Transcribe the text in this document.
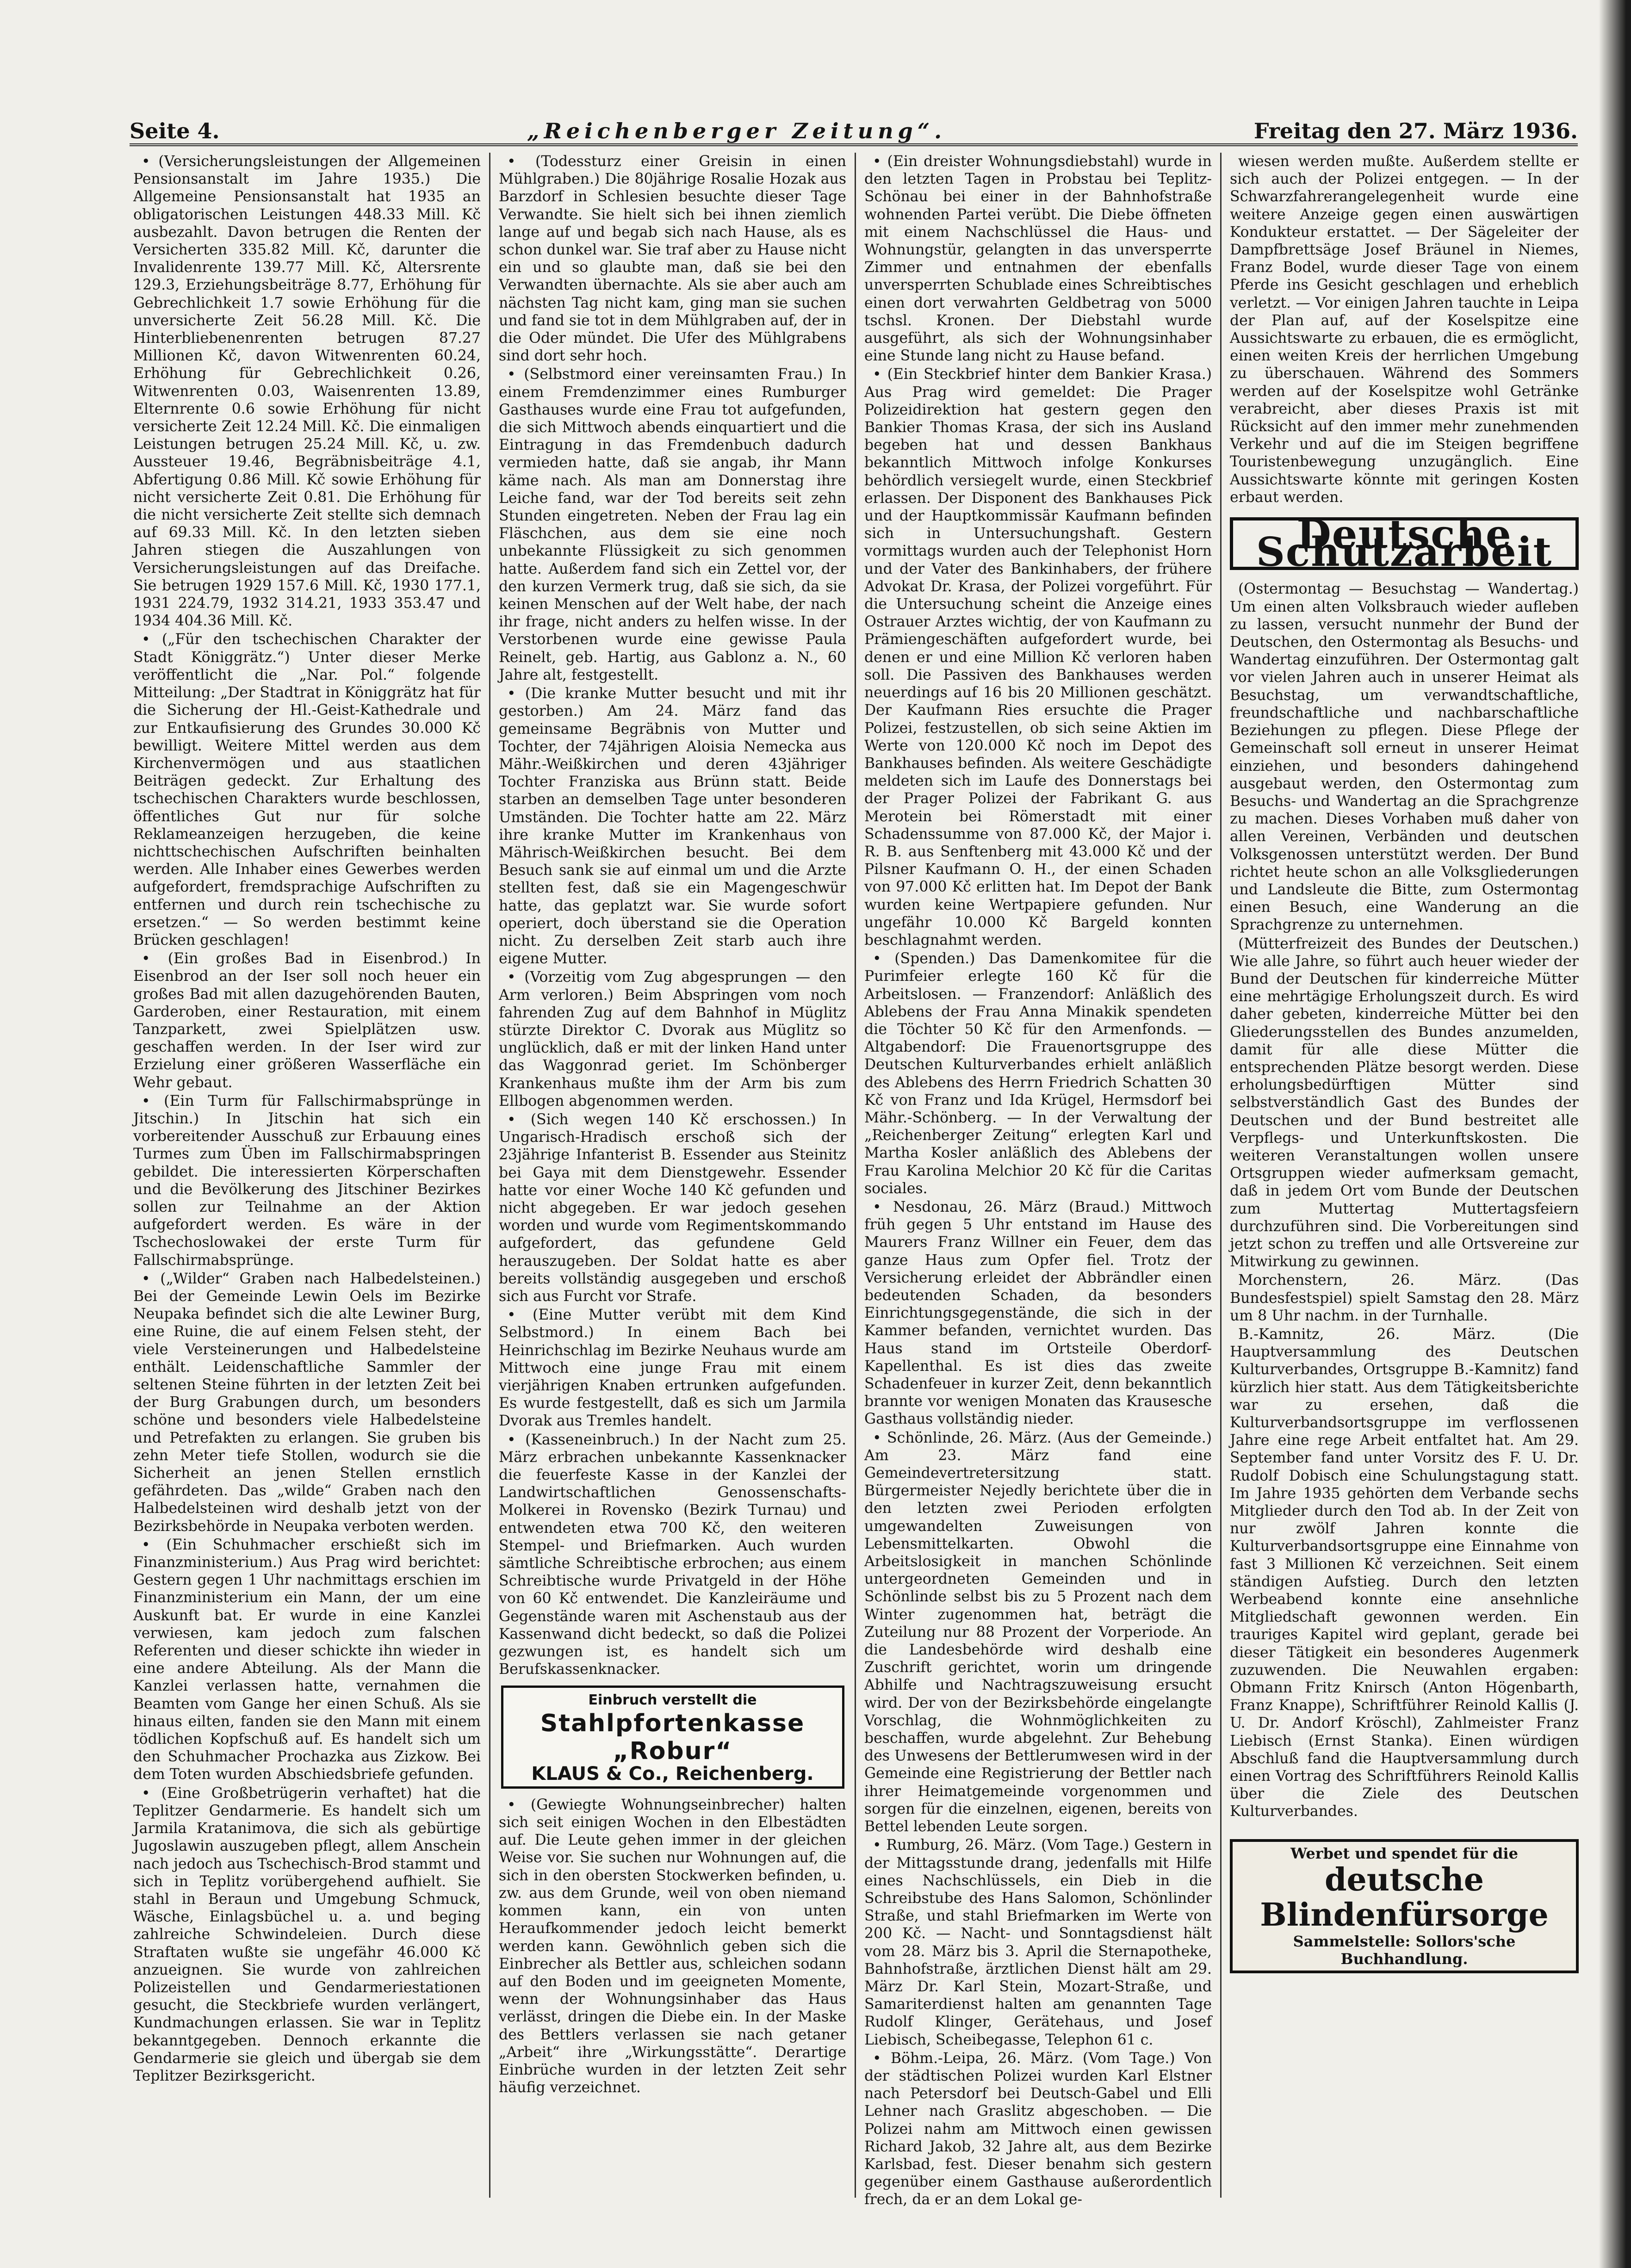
Seite 4.	„Reichenberger Zeitung“.	Freitag den 27. März 1936.

• (Versicherungsleistungen der Allgemeinen Pensionsanstalt im Jahre 1935.) Die Allgemeine Pensionsanstalt hat 1935 an obligatorischen Leistungen 448.33 Mill. Kč ausbezahlt. Davon betrugen die Renten der Versicherten 335.82 Mill. Kč, darunter die Invalidenrente 139.77 Mill. Kč, Altersrente 129.3, Erziehungsbeiträge 8.77, Erhöhung für Gebrechlichkeit 1.7 sowie Erhöhung für die unversicherte Zeit 56.28 Mill. Kč. Die Hinterbliebenenrenten betrugen 87.27 Millionen Kč, davon Witwenrenten 60.24, Erhöhung für Gebrechlichkeit 0.26, Witwenrenten 0.03, Waisenrenten 13.89, Elternrente 0.6 sowie Erhöhung für nicht versicherte Zeit 12.24 Mill. Kč. Die einmaligen Leistungen betrugen 25.24 Mill. Kč, u. zw. Aussteuer 19.46, Begräbnisbeiträge 4.1, Abfertigung 0.86 Mill. Kč sowie Erhöhung für nicht versicherte Zeit 0.81. Die Erhöhung für die nicht versicherte Zeit stellte sich demnach auf 69.33 Mill. Kč. In den letzten sieben Jahren stiegen die Auszahlungen von Versicherungsleistungen auf das Dreifache. Sie betrugen 1929 157.6 Mill. Kč, 1930 177.1, 1931 224.79, 1932 314.21, 1933 353.47 und 1934 404.36 Mill. Kč.

• („Für den tschechischen Charakter der Stadt Königgrätz.“) Unter dieser Merke veröffentlicht die „Nar. Pol.“ folgende Mitteilung: „Der Stadtrat in Königgrätz hat für die Sicherung der Hl.-Geist-Kathedrale und zur Entkaufisierung des Grundes 30.000 Kč bewilligt. Weitere Mittel werden aus dem Kirchenvermögen und aus staatlichen Beiträgen gedeckt. Zur Erhaltung des tschechischen Charakters wurde beschlossen, öffentliches Gut nur für solche Reklameanzeigen herzugeben, die keine nichttschechischen Aufschriften beinhalten werden. Alle Inhaber eines Gewerbes werden aufgefordert, fremdsprachige Aufschriften zu entfernen und durch rein tschechische zu ersetzen.“ — So werden bestimmt keine Brücken geschlagen!

• (Ein großes Bad in Eisenbrod.) In Eisenbrod an der Iser soll noch heuer ein großes Bad mit allen dazugehörenden Bauten, Garderoben, einer Restauration, mit einem Tanzparkett, zwei Spielplätzen usw. geschaffen werden. In der Iser wird zur Erzielung einer größeren Wasserfläche ein Wehr gebaut.

• (Ein Turm für Fallschirmabsprünge in Jitschin.) In Jitschin hat sich ein vorbereitender Ausschuß zur Erbauung eines Turmes zum Üben im Fallschirmabspringen gebildet. Die interessierten Körperschaften und die Bevölkerung des Jitschiner Bezirkes sollen zur Teilnahme an der Aktion aufgefordert werden. Es wäre in der Tschechoslowakei der erste Turm für Fallschirmabsprünge.

• („Wilder“ Graben nach Halbedelsteinen.) Bei der Gemeinde Lewin Oels im Bezirke Neupaka befindet sich die alte Lewiner Burg, eine Ruine, die auf einem Felsen steht, der viele Versteinerungen und Halbedelsteine enthält. Leidenschaftliche Sammler der seltenen Steine führten in der letzten Zeit bei der Burg Grabungen durch, um besonders schöne und besonders viele Halbedelsteine und Petrefakten zu erlangen. Sie gruben bis zehn Meter tiefe Stollen, wodurch sie die Sicherheit an jenen Stellen ernstlich gefährdeten. Das „wilde“ Graben nach den Halbedelsteinen wird deshalb jetzt von der Bezirksbehörde in Neupaka verboten werden.

• (Ein Schuhmacher erschießt sich im Finanzministerium.) Aus Prag wird berichtet: Gestern gegen 1 Uhr nachmittags erschien im Finanzministerium ein Mann, der um eine Auskunft bat. Er wurde in eine Kanzlei verwiesen, kam jedoch zum falschen Referenten und dieser schickte ihn wieder in eine andere Abteilung. Als der Mann die Kanzlei verlassen hatte, vernahmen die Beamten vom Gange her einen Schuß. Als sie hinaus eilten, fanden sie den Mann mit einem tödlichen Kopfschuß auf. Es handelt sich um den Schuhmacher Prochazka aus Zizkow. Bei dem Toten wurden Abschiedsbriefe gefunden.

• (Eine Großbetrügerin verhaftet) hat die Teplitzer Gendarmerie. Es handelt sich um Jarmila Kratanimova, die sich als gebürtige Jugoslawin auszugeben pflegt, allem Anschein nach jedoch aus Tschechisch-Brod stammt und sich in Teplitz vorübergehend aufhielt. Sie stahl in Beraun und Umgebung Schmuck, Wäsche, Einlagsbüchel u. a. und beging zahlreiche Schwindeleien. Durch diese Straftaten wußte sie ungefähr 46.000 Kč anzueignen. Sie wurde von zahlreichen Polizeistellen und Gendarmeriestationen gesucht, die Steckbriefe wurden verlängert, Kundmachungen erlassen. Sie war in Teplitz bekanntgegeben. Dennoch erkannte die Gendarmerie sie gleich und übergab sie dem Teplitzer Bezirksgericht.

• (Todessturz einer Greisin in einen Mühlgraben.) Die 80jährige Rosalie Hozak aus Barzdorf in Schlesien besuchte dieser Tage Verwandte. Sie hielt sich bei ihnen ziemlich lange auf und begab sich nach Hause, als es schon dunkel war. Sie traf aber zu Hause nicht ein und so glaubte man, daß sie bei den Verwandten übernachte. Als sie aber auch am nächsten Tag nicht kam, ging man sie suchen und fand sie tot in dem Mühlgraben auf, der in die Oder mündet. Die Ufer des Mühlgrabens sind dort sehr hoch.

• (Selbstmord einer vereinsamten Frau.) In einem Fremdenzimmer eines Rumburger Gasthauses wurde eine Frau tot aufgefunden, die sich Mittwoch abends einquartiert und die Eintragung in das Fremdenbuch dadurch vermieden hatte, daß sie angab, ihr Mann käme nach. Als man am Donnerstag ihre Leiche fand, war der Tod bereits seit zehn Stunden eingetreten. Neben der Frau lag ein Fläschchen, aus dem sie eine noch unbekannte Flüssigkeit zu sich genommen hatte. Außerdem fand sich ein Zettel vor, der den kurzen Vermerk trug, daß sie sich, da sie keinen Menschen auf der Welt habe, der nach ihr frage, nicht anders zu helfen wisse. In der Verstorbenen wurde eine gewisse Paula Reinelt, geb. Hartig, aus Gablonz a. N., 60 Jahre alt, festgestellt.

• (Die kranke Mutter besucht und mit ihr gestorben.) Am 24. März fand das gemeinsame Begräbnis von Mutter und Tochter, der 74jährigen Aloisia Nemecka aus Mähr.-Weißkirchen und deren 43jähriger Tochter Franziska aus Brünn statt. Beide starben an demselben Tage unter besonderen Umständen. Die Tochter hatte am 22. März ihre kranke Mutter im Krankenhaus von Mährisch-Weißkirchen besucht. Bei dem Besuch sank sie auf einmal um und die Arzte stellten fest, daß sie ein Magengeschwür hatte, das geplatzt war. Sie wurde sofort operiert, doch überstand sie die Operation nicht. Zu derselben Zeit starb auch ihre eigene Mutter.

• (Vorzeitig vom Zug abgesprungen — den Arm verloren.) Beim Abspringen vom noch fahrenden Zug auf dem Bahnhof in Müglitz stürzte Direktor C. Dvorak aus Müglitz so unglücklich, daß er mit der linken Hand unter das Waggonrad geriet. Im Schönberger Krankenhaus mußte ihm der Arm bis zum Ellbogen abgenommen werden.

• (Sich wegen 140 Kč erschossen.) In Ungarisch-Hradisch erschoß sich der 23jährige Infanterist B. Essender aus Steinitz bei Gaya mit dem Dienstgewehr. Essender hatte vor einer Woche 140 Kč gefunden und nicht abgegeben. Er war jedoch gesehen worden und wurde vom Regimentskommando aufgefordert, das gefundene Geld herauszugeben. Der Soldat hatte es aber bereits vollständig ausgegeben und erschoß sich aus Furcht vor Strafe.

• (Eine Mutter verübt mit dem Kind Selbstmord.) In einem Bach bei Heinrichschlag im Bezirke Neuhaus wurde am Mittwoch eine junge Frau mit einem vierjährigen Knaben ertrunken aufgefunden. Es wurde festgestellt, daß es sich um Jarmila Dvorak aus Tremles handelt.

• (Kasseneinbruch.) In der Nacht zum 25. März erbrachen unbekannte Kassenknacker die feuerfeste Kasse in der Kanzlei der Landwirtschaftlichen Genossenschafts-Molkerei in Rovensko (Bezirk Turnau) und entwendeten etwa 700 Kč, den weiteren Stempel- und Briefmarken. Auch wurden sämtliche Schreibtische erbrochen; aus einem Schreibtische wurde Privatgeld in der Höhe von 60 Kč entwendet. Die Kanzleiräume und Gegenstände waren mit Aschenstaub aus der Kassenwand dicht bedeckt, so daß die Polizei gezwungen ist, es handelt sich um Berufskassenknacker.

Einbruch verstellt die
Stahlpfortenkasse „Robur“
KLAUS & Co., Reichenberg.

• (Gewiegte Wohnungseinbrecher) halten sich seit einigen Wochen in den Elbestädten auf. Die Leute gehen immer in der gleichen Weise vor. Sie suchen nur Wohnungen auf, die sich in den obersten Stockwerken befinden, u. zw. aus dem Grunde, weil von oben niemand kommen kann, ein von unten Heraufkommender jedoch leicht bemerkt werden kann. Gewöhnlich geben sich die Einbrecher als Bettler aus, schleichen sodann auf den Boden und im geeigneten Momente, wenn der Wohnungsinhaber das Haus verlässt, dringen die Diebe ein. In der Maske des Bettlers verlassen sie nach getaner „Arbeit“ ihre „Wirkungsstätte“. Derartige Einbrüche wurden in der letzten Zeit sehr häufig verzeichnet.

• (Ein dreister Wohnungsdiebstahl) wurde in den letzten Tagen in Probstau bei Teplitz-Schönau bei einer in der Bahnhofstraße wohnenden Partei verübt. Die Diebe öffneten mit einem Nachschlüssel die Haus- und Wohnungstür, gelangten in das unversperrte Zimmer und entnahmen der ebenfalls unversperrten Schublade eines Schreibtisches einen dort verwahrten Geldbetrag von 5000 tschsl. Kronen. Der Diebstahl wurde ausgeführt, als sich der Wohnungsinhaber eine Stunde lang nicht zu Hause befand.

• (Ein Steckbrief hinter dem Bankier Krasa.) Aus Prag wird gemeldet: Die Prager Polizeidirektion hat gestern gegen den Bankier Thomas Krasa, der sich ins Ausland begeben hat und dessen Bankhaus bekanntlich Mittwoch infolge Konkurses behördlich versiegelt wurde, einen Steckbrief erlassen. Der Disponent des Bankhauses Pick und der Hauptkommissär Kaufmann befinden sich in Untersuchungshaft. Gestern vormittags wurden auch der Telephonist Horn und der Vater des Bankinhabers, der frühere Advokat Dr. Krasa, der Polizei vorgeführt. Für die Untersuchung scheint die Anzeige eines Ostrauer Arztes wichtig, der von Kaufmann zu Prämiengeschäften aufgefordert wurde, bei denen er und eine Million Kč verloren haben soll. Die Passiven des Bankhauses werden neuerdings auf 16 bis 20 Millionen geschätzt. Der Kaufmann Ries ersuchte die Prager Polizei, festzustellen, ob sich seine Aktien im Werte von 120.000 Kč noch im Depot des Bankhauses befinden. Als weitere Geschädigte meldeten sich im Laufe des Donnerstags bei der Prager Polizei der Fabrikant G. aus Merotein bei Römerstadt mit einer Schadenssumme von 87.000 Kč, der Major i. R. B. aus Senftenberg mit 43.000 Kč und der Pilsner Kaufmann O. H., der einen Schaden von 97.000 Kč erlitten hat. Im Depot der Bank wurden keine Wertpapiere gefunden. Nur ungefähr 10.000 Kč Bargeld konnten beschlagnahmt werden.

• (Spenden.) Das Damenkomitee für die Purimfeier erlegte 160 Kč für die Arbeitslosen. — Franzendorf: Anläßlich des Ablebens der Frau Anna Minakik spendeten die Töchter 50 Kč für den Armenfonds. — Altgabendorf: Die Frauenortsgruppe des Deutschen Kulturverbandes erhielt anläßlich des Ablebens des Herrn Friedrich Schatten 30 Kč von Franz und Ida Krügel, Hermsdorf bei Mähr.-Schönberg. — In der Verwaltung der „Reichenberger Zeitung“ erlegten Karl und Martha Kosler anläßlich des Ablebens der Frau Karolina Melchior 20 Kč für die Caritas sociales.

• Nesdonau, 26. März (Braud.) Mittwoch früh gegen 5 Uhr entstand im Hause des Maurers Franz Willner ein Feuer, dem das ganze Haus zum Opfer fiel. Trotz der Versicherung erleidet der Abbrändler einen bedeutenden Schaden, da besonders Einrichtungsgegenstände, die sich in der Kammer befanden, vernichtet wurden. Das Haus stand im Ortsteile Oberdorf-Kapellenthal. Es ist dies das zweite Schadenfeuer in kurzer Zeit, denn bekanntlich brannte vor wenigen Monaten das Krausesche Gasthaus vollständig nieder.

• Schönlinde, 26. März. (Aus der Gemeinde.) Am 23. März fand eine Gemeindevertretersitzung statt. Bürgermeister Nejedly berichtete über die in den letzten zwei Perioden erfolgten umgewandelten Zuweisungen von Lebensmittelkarten. Obwohl die Arbeitslosigkeit in manchen Schönlinde untergeordneten Gemeinden und in Schönlinde selbst bis zu 5 Prozent nach dem Winter zugenommen hat, beträgt die Zuteilung nur 88 Prozent der Vorperiode. An die Landesbehörde wird deshalb eine Zuschrift gerichtet, worin um dringende Abhilfe und Nachtragszuweisung ersucht wird. Der von der Bezirksbehörde eingelangte Vorschlag, die Wohnmöglichkeiten zu beschaffen, wurde abgelehnt. Zur Behebung des Unwesens der Bettlerumwesen wird in der Gemeinde eine Registrierung der Bettler nach ihrer Heimatgemeinde vorgenommen und sorgen für die einzelnen, eigenen, bereits von Bettel lebenden Leute sorgen.

• Rumburg, 26. März. (Vom Tage.) Gestern in der Mittagsstunde drang, jedenfalls mit Hilfe eines Nachschlüssels, ein Dieb in die Schreibstube des Hans Salomon, Schönlinder Straße, und stahl Briefmarken im Werte von 200 Kč. — Nacht- und Sonntagsdienst hält vom 28. März bis 3. April die Sternapotheke, Bahnhofstraße, ärztlichen Dienst hält am 29. März Dr. Karl Stein, Mozart-Straße, und Samariterdienst halten am genannten Tage Rudolf Klinger, Gerätehaus, und Josef Liebisch, Scheibegasse, Telephon 61 c.

• Böhm.-Leipa, 26. März. (Vom Tage.) Von der städtischen Polizei wurden Karl Elstner nach Petersdorf bei Deutsch-Gabel und Elli Lehner nach Graslitz abgeschoben. — Die Polizei nahm am Mittwoch einen gewissen Richard Jakob, 32 Jahre alt, aus dem Bezirke Karlsbad, fest. Dieser benahm sich gestern gegenüber einem Gasthause außerordentlich frech, da er an dem Lokal ge-

wiesen werden mußte. Außerdem stellte er sich auch der Polizei entgegen. — In der Schwarzfahrerangelegenheit wurde eine weitere Anzeige gegen einen auswärtigen Kondukteur erstattet. — Der Sägeleiter der Dampfbrettsäge Josef Bräunel in Niemes, Franz Bodel, wurde dieser Tage von einem Pferde ins Gesicht geschlagen und erheblich verletzt. — Vor einigen Jahren tauchte in Leipa der Plan auf, auf der Koselspitze eine Aussichtswarte zu erbauen, die es ermöglicht, einen weiten Kreis der herrlichen Umgebung zu überschauen. Während des Sommers werden auf der Koselspitze wohl Getränke verabreicht, aber dieses Praxis ist mit Rücksicht auf den immer mehr zunehmenden Verkehr und auf die im Steigen begriffene Touristenbewegung unzugänglich. Eine Aussichtswarte könnte mit geringen Kosten erbaut werden.

Deutsche Schutzarbeit

(Ostermontag — Besuchstag — Wandertag.) Um einen alten Volksbrauch wieder aufleben zu lassen, versucht nunmehr der Bund der Deutschen, den Ostermontag als Besuchs- und Wandertag einzuführen. Der Ostermontag galt vor vielen Jahren auch in unserer Heimat als Besuchstag, um verwandtschaftliche, freundschaftliche und nachbarschaftliche Beziehungen zu pflegen. Diese Pflege der Gemeinschaft soll erneut in unserer Heimat einziehen, und besonders dahingehend ausgebaut werden, den Ostermontag zum Besuchs- und Wandertag an die Sprachgrenze zu machen. Dieses Vorhaben muß daher von allen Vereinen, Verbänden und deutschen Volksgenossen unterstützt werden. Der Bund richtet heute schon an alle Volksgliederungen und Landsleute die Bitte, zum Ostermontag einen Besuch, eine Wanderung an die Sprachgrenze zu unternehmen.

(Mütterfreizeit des Bundes der Deutschen.) Wie alle Jahre, so führt auch heuer wieder der Bund der Deutschen für kinderreiche Mütter eine mehrtägige Erholungszeit durch. Es wird daher gebeten, kinderreiche Mütter bei den Gliederungsstellen des Bundes anzumelden, damit für alle diese Mütter die entsprechenden Plätze besorgt werden. Diese erholungsbedürftigen Mütter sind selbstverständlich Gast des Bundes der Deutschen und der Bund bestreitet alle Verpflegs- und Unterkunftskosten. Die weiteren Veranstaltungen wollen unsere Ortsgruppen wieder aufmerksam gemacht, daß in jedem Ort vom Bunde der Deutschen zum Muttertag Muttertagsfeiern durchzuführen sind. Die Vorbereitungen sind jetzt schon zu treffen und alle Ortsvereine zur Mitwirkung zu gewinnen.

Morchenstern, 26. März. (Das Bundesfestspiel) spielt Samstag den 28. März um 8 Uhr nachm. in der Turnhalle.

B.-Kamnitz, 26. März. (Die Hauptversammlung des Deutschen Kulturverbandes, Ortsgruppe B.-Kamnitz) fand kürzlich hier statt. Aus dem Tätigkeitsberichte war zu ersehen, daß die Kulturverbandsortsgruppe im verflossenen Jahre eine rege Arbeit entfaltet hat. Am 29. September fand unter Vorsitz des F. U. Dr. Rudolf Dobisch eine Schulungstagung statt. Im Jahre 1935 gehörten dem Verbande sechs Mitglieder durch den Tod ab. In der Zeit von nur zwölf Jahren konnte die Kulturverbandsortsgruppe eine Einnahme von fast 3 Millionen Kč verzeichnen. Seit einem ständigen Aufstieg. Durch den letzten Werbeabend konnte eine ansehnliche Mitgliedschaft gewonnen werden. Ein trauriges Kapitel wird geplant, gerade bei dieser Tätigkeit ein besonderes Augenmerk zuzuwenden. Die Neuwahlen ergaben: Obmann Fritz Knirsch (Anton Högenbarth, Franz Knappe), Schriftführer Reinold Kallis (J. U. Dr. Andorf Kröschl), Zahlmeister Franz Liebisch (Ernst Stanka). Einen würdigen Abschluß fand die Hauptversammlung durch einen Vortrag des Schriftführers Reinold Kallis über die Ziele des Deutschen Kulturverbandes.

Werbet und spendet für die
deutsche Blindenfürsorge
Sammelstelle: Sollors'sche Buchhandlung.
